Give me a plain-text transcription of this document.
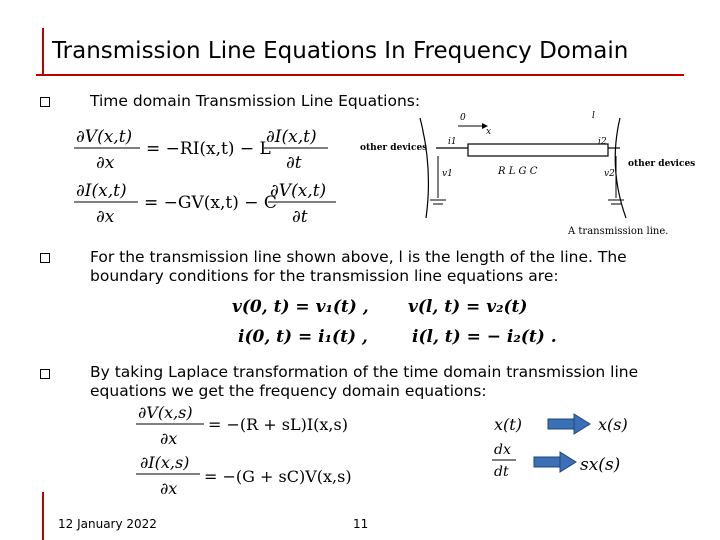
Transmission Line Equations In Frequency Domain
Time domain Transmission Line Equations:
∂V(x,t)
∂x
= −RI(x,t) − L
∂I(x,t)
∂t
∂I(x,t)
∂x
= −GV(x,t) − C
∂V(x,t)
∂t
other devices
other devices
R L G C
A transmission line.
x
l
0
i1	i2
v1	v2
For the transmission line shown above, l is the length of the line. The boundary conditions for the transmission line equations are:
v(0, t) = v₁(t) , v(l, t) = v₂(t)
i(0, t) = i₁(t) ,	i(l, t) = − i₂(t) .
By taking Laplace transformation of the time domain transmission line equations we get the frequency domain equations:
∂V(x,s)
∂x
= −(R + sL)I(x,s)
∂I(x,s)
∂x
= −(G + sC)V(x,s)
x(t)	x(s)
dx
dt	sx(s)
12 January 2022	11
